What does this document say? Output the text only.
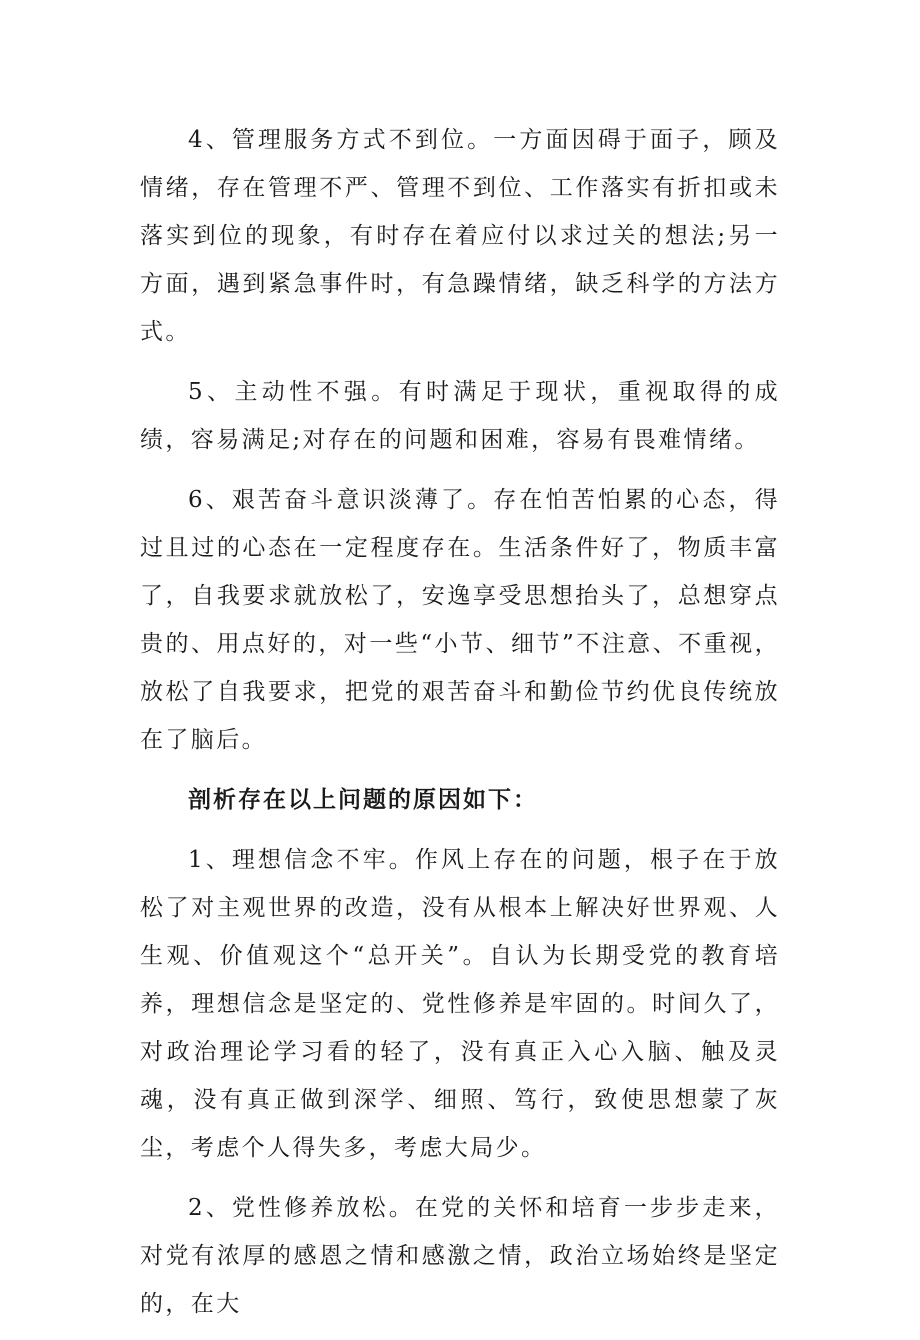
4、管理服务方式不到位。一方面因碍于面子，顾及情绪，存在管理不严、管理不到位、工作落实有折扣或未落实到位的现象，有时存在着应付以求过关的想法;另一方面，遇到紧急事件时，有急躁情绪，缺乏科学的方法方式。

5、主动性不强。有时满足于现状，重视取得的成绩，容易满足;对存在的问题和困难，容易有畏难情绪。

6、艰苦奋斗意识淡薄了。存在怕苦怕累的心态，得过且过的心态在一定程度存在。生活条件好了，物质丰富了，自我要求就放松了，安逸享受思想抬头了，总想穿点贵的、用点好的，对一些“小节、细节”不注意、不重视，放松了自我要求，把党的艰苦奋斗和勤俭节约优良传统放在了脑后。

剖析存在以上问题的原因如下：

1、理想信念不牢。作风上存在的问题，根子在于放松了对主观世界的改造，没有从根本上解决好世界观、人生观、价值观这个“总开关”。自认为长期受党的教育培养，理想信念是坚定的、党性修养是牢固的。时间久了，对政治理论学习看的轻了，没有真正入心入脑、触及灵魂，没有真正做到深学、细照、笃行，致使思想蒙了灰尘，考虑个人得失多，考虑大局少。

2、党性修养放松。在党的关怀和培育一步步走来，对党有浓厚的感恩之情和感激之情，政治立场始终是坚定的，在大
